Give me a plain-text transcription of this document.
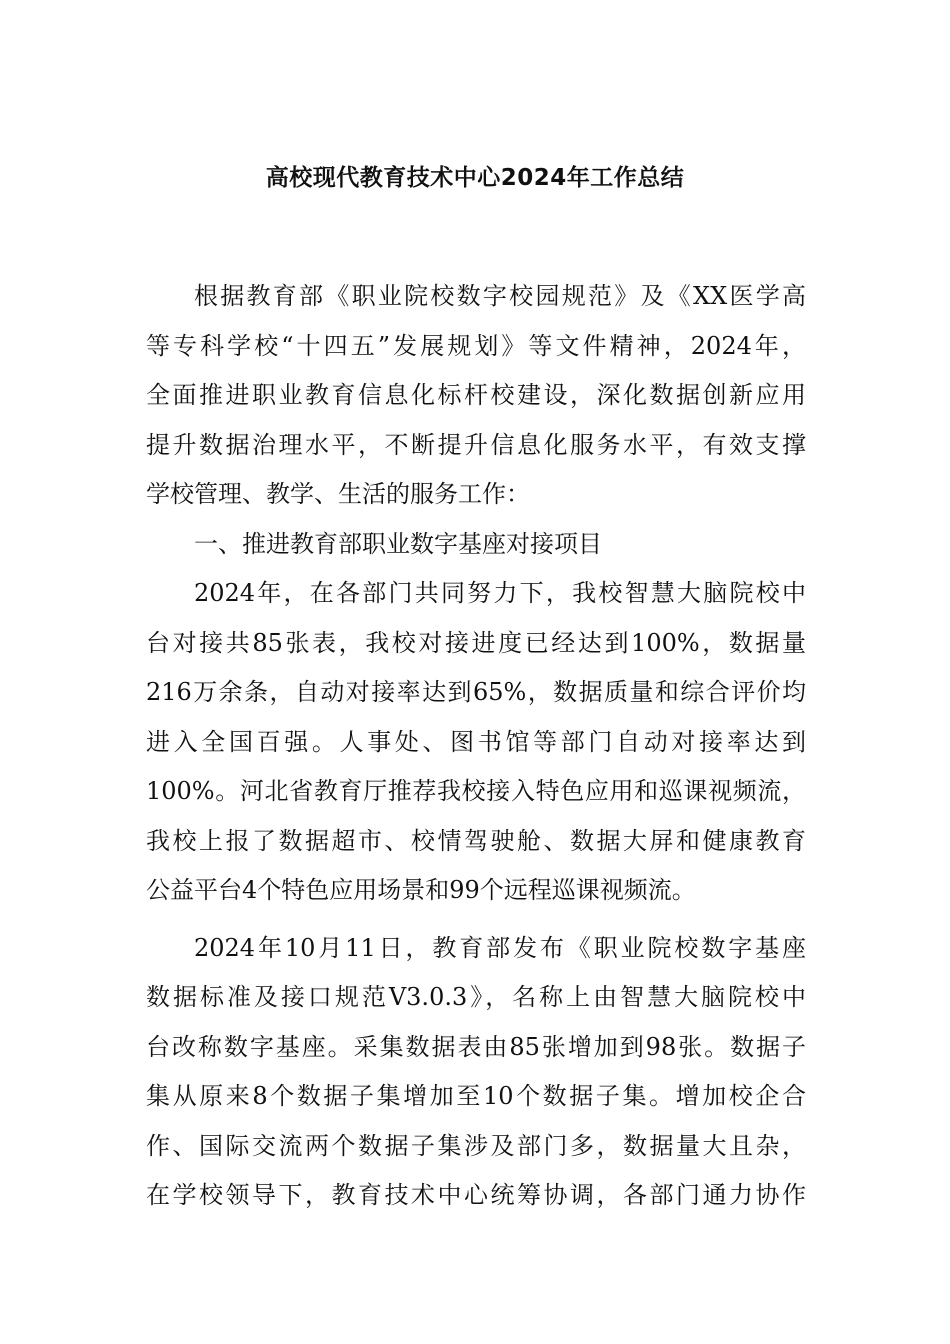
高校现代教育技术中心2024年工作总结
根据教育部《职业院校数字校园规范》及《XX医学高
等专科学校“十四五”发展规划》等文件精神，2024年，
全面推进职业教育信息化标杆校建设，深化数据创新应用
提升数据治理水平，不断提升信息化服务水平，有效支撑
学校管理、教学、生活的服务工作：
一、推进教育部职业数字基座对接项目
2024年，在各部门共同努力下，我校智慧大脑院校中
台对接共85张表，我校对接进度已经达到100%，数据量
216万余条，自动对接率达到65%，数据质量和综合评价均
进入全国百强。人事处、图书馆等部门自动对接率达到
100%。河北省教育厅推荐我校接入特色应用和巡课视频流，
我校上报了数据超市、校情驾驶舱、数据大屏和健康教育
公益平台4个特色应用场景和99个远程巡课视频流。
2024年10月11日，教育部发布《职业院校数字基座
数据标准及接口规范V3.0.3》，名称上由智慧大脑院校中
台改称数字基座。采集数据表由85张增加到98张。数据子
集从原来8个数据子集增加至10个数据子集。增加校企合
作、国际交流两个数据子集涉及部门多，数据量大且杂，
在学校领导下，教育技术中心统筹协调，各部门通力协作
